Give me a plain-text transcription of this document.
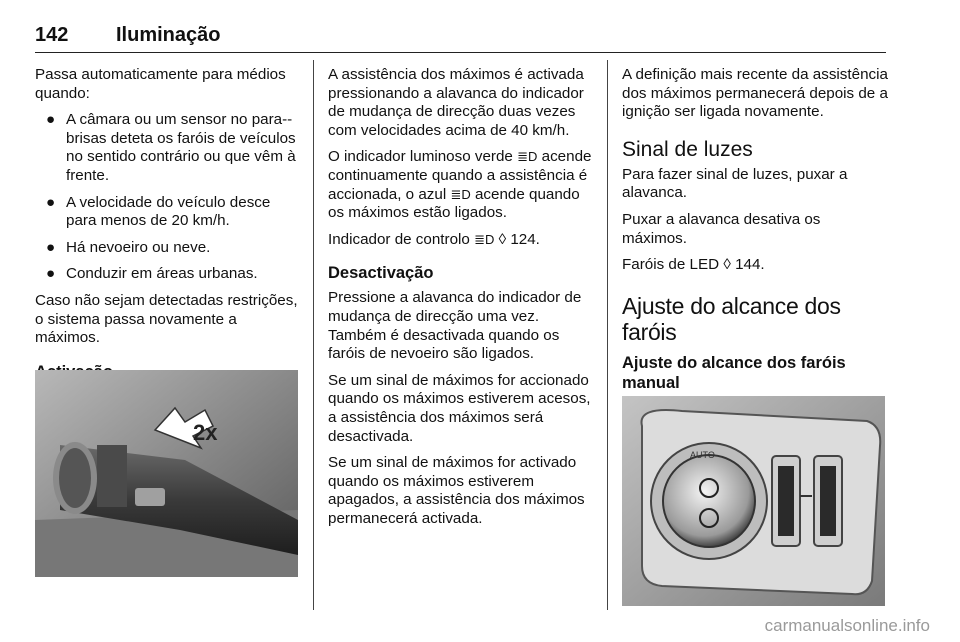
142 Iluminação

Passa automaticamente para médios quando:

● A câmara ou um sensor no para--brisas deteta os faróis de veículos no sentido contrário ou que vêm à frente.
● A velocidade do veículo desce para menos de 20 km/h.
● Há nevoeiro ou neve.
● Conduzir em áreas urbanas.

Caso não sejam detectadas restrições, o sistema passa novamente a máximos.

2x

A assistência dos máximos é activada pressionando a alavanca do indicador de mudança de direcção duas vezes com velocidades acima de 40 km/h.

O indicador luminoso verde ≣D acende continuamente quando a assistência é accionada, o azul ≣D acende quando os máximos estão ligados.

Indicador de controlo ≣D ◊ 124.

Desactivação

Pressione a alavanca do indicador de mudança de direcção uma vez. Também é desactivada quando os faróis de nevoeiro são ligados.

Se um sinal de máximos for accionado quando os máximos estiverem acesos, a assistência dos máximos será desactivada.

Se um sinal de máximos for activado quando os máximos estiverem apagados, a assistência dos máximos permanecerá activada.

A definição mais recente da assistência dos máximos permanecerá depois de a ignição ser ligada novamente.

Sinal de luzes

Para fazer sinal de luzes, puxar a alavanca.

Puxar a alavanca desativa os máximos.

Faróis de LED ◊ 144.

Ajuste do alcance dos faróis
Ajuste do alcance dos faróis manual
AUTO
carmanualsonline.info
